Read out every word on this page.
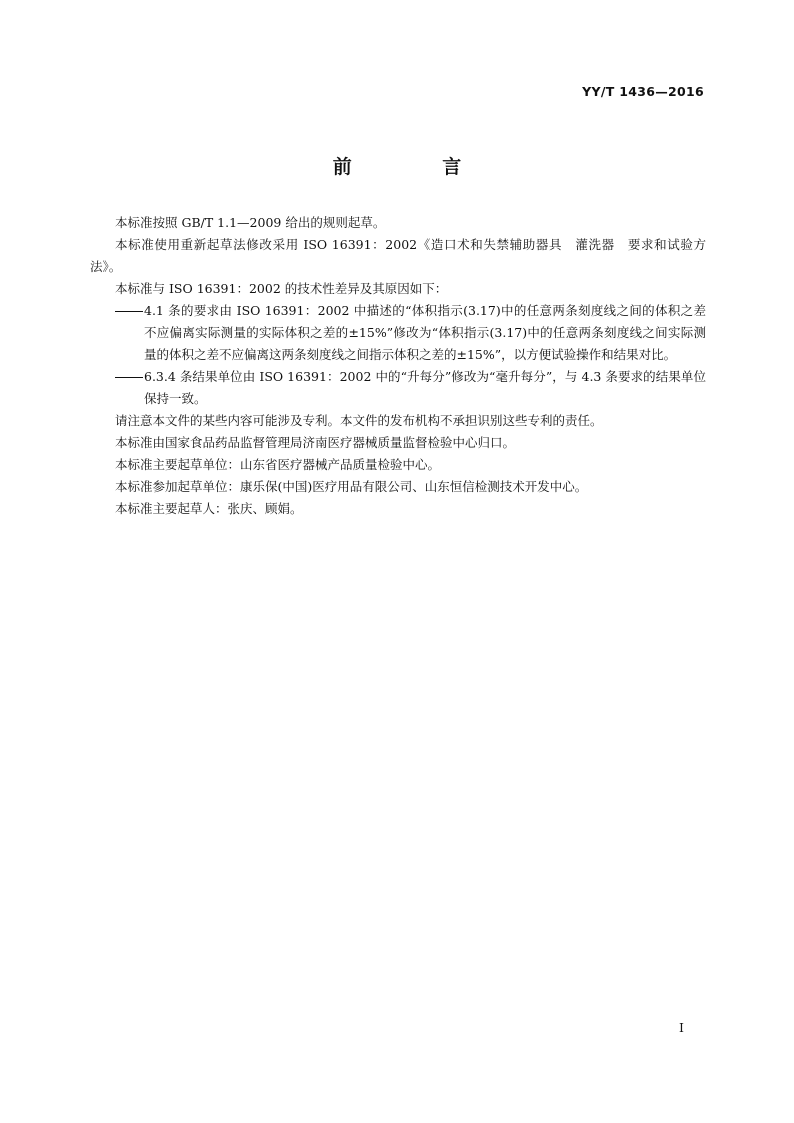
YY/T 1436—2016
前 言

本标准按照 GB/T 1.1—2009 给出的规则起草。

本标准使用重新起草法修改采用 ISO 16391：2002《造口术和失禁辅助器具　灌洗器　要求和试验方法》。

本标准与 ISO 16391：2002 的技术性差异及其原因如下：

4.1 条的要求由 ISO 16391：2002 中描述的“体积指示(3.17)中的任意两条刻度线之间的体积之差不应偏离实际测量的实际体积之差的±15%”修改为“体积指示(3.17)中的任意两条刻度线之间实际测量的体积之差不应偏离这两条刻度线之间指示体积之差的±15%”，以方便试验操作和结果对比。
6.3.4 条结果单位由 ISO 16391：2002 中的“升每分”修改为“毫升每分”，与 4.3 条要求的结果单位保持一致。

请注意本文件的某些内容可能涉及专利。本文件的发布机构不承担识别这些专利的责任。

本标准由国家食品药品监督管理局济南医疗器械质量监督检验中心归口。

本标准主要起草单位：山东省医疗器械产品质量检验中心。

本标准参加起草单位：康乐保(中国)医疗用品有限公司、山东恒信检测技术开发中心。

本标准主要起草人：张庆、顾娟。

I
